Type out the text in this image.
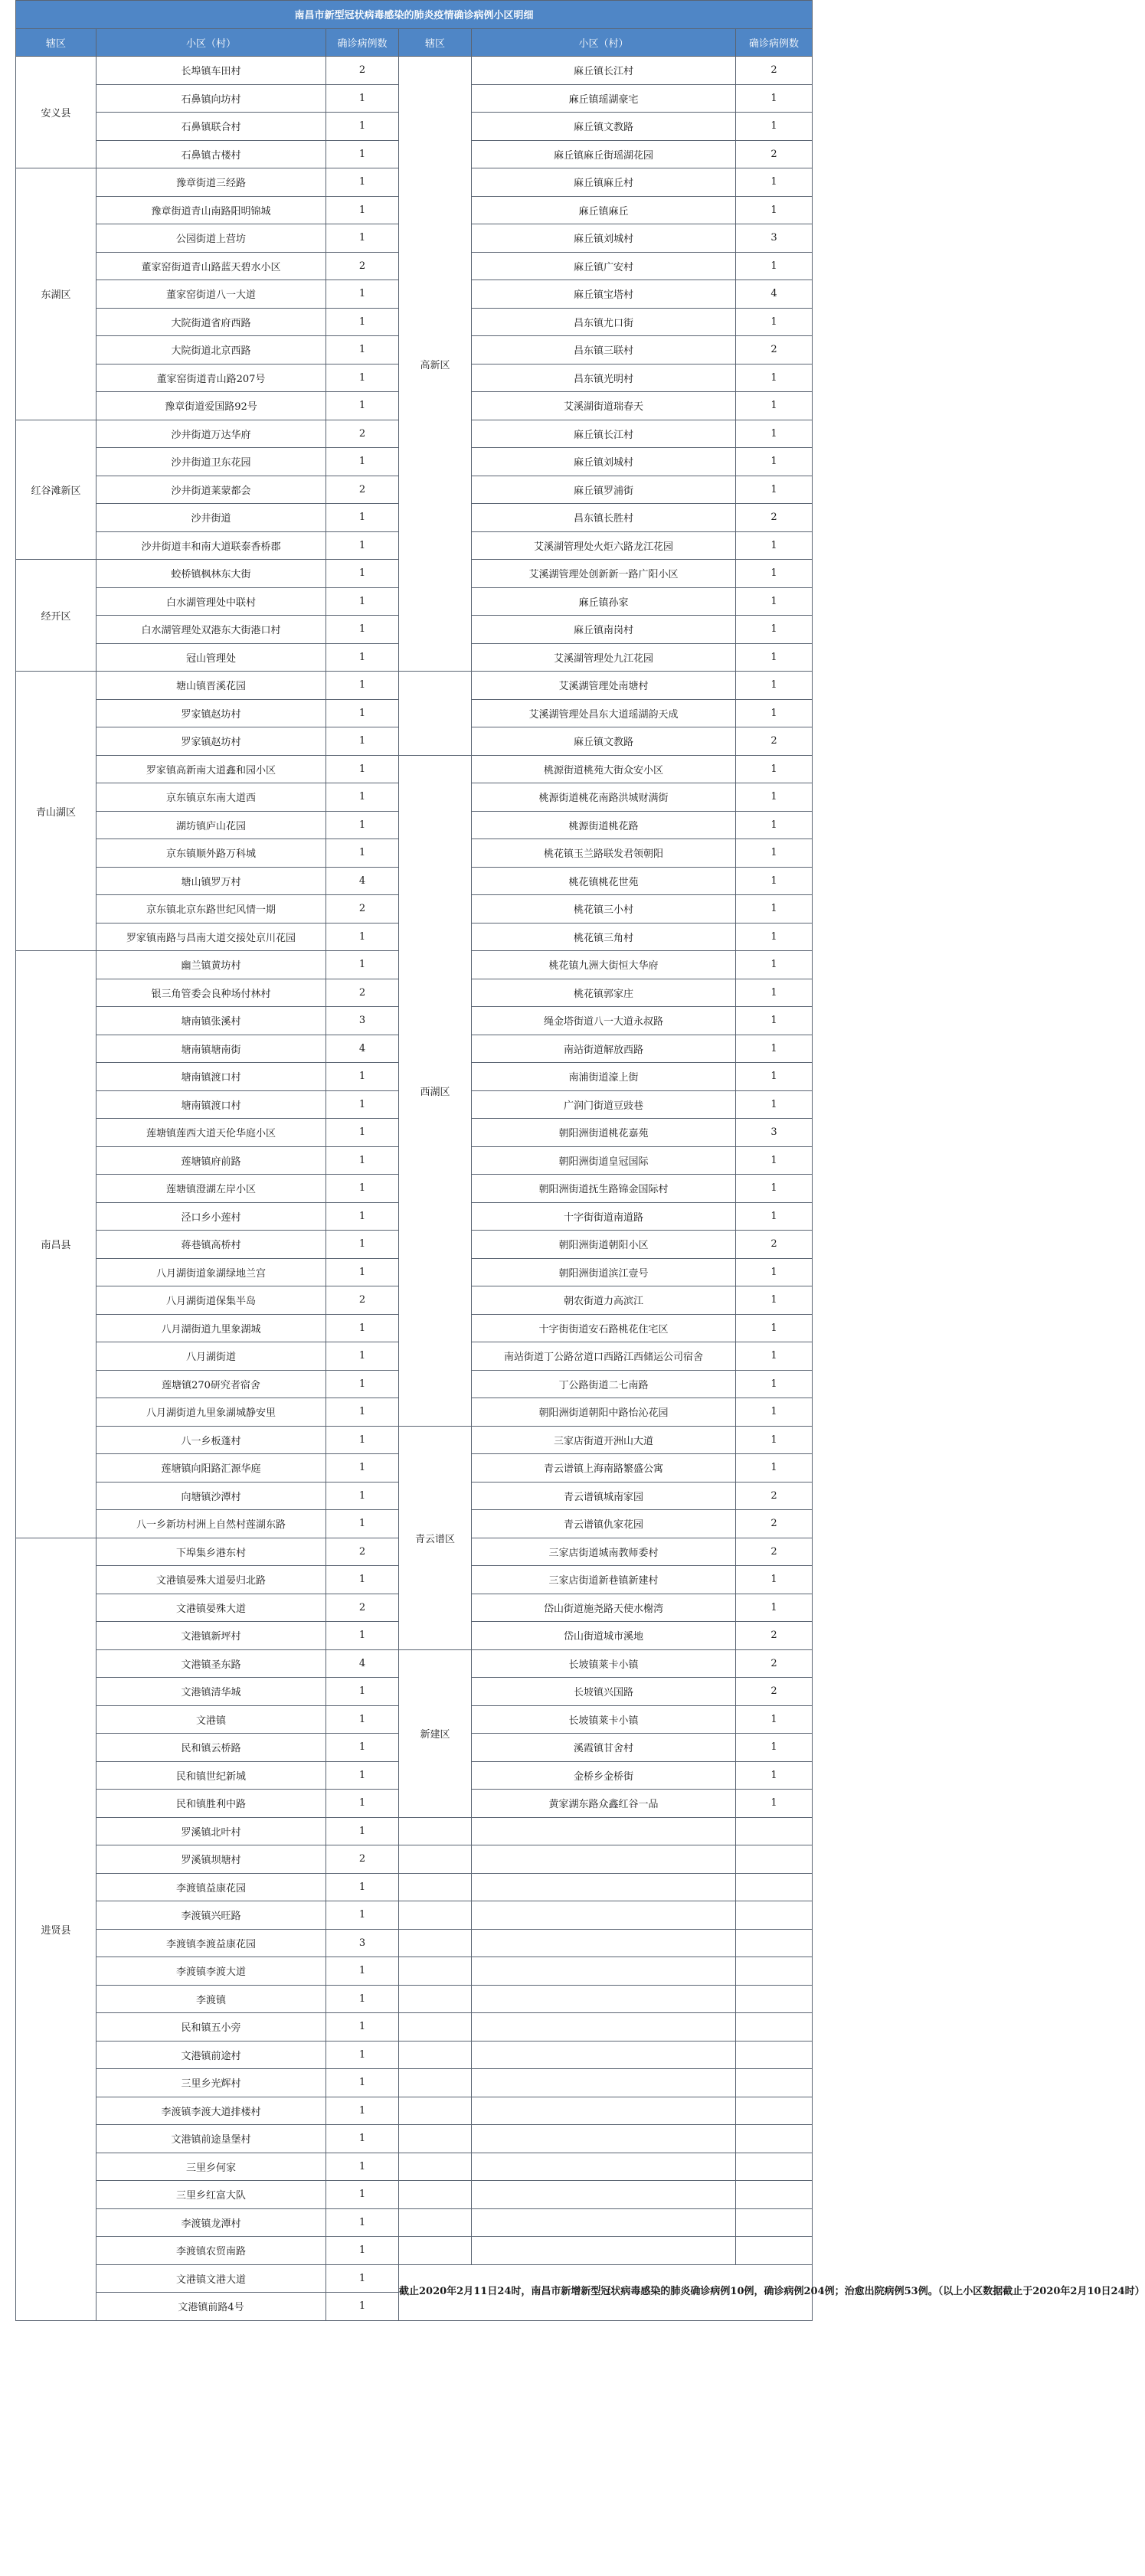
南昌市新型冠状病毒感染的肺炎疫情确诊病例小区明细					
辖区	小区（村）	确诊病例数	辖区	小区（村）	确诊病例数
安义县	长埠镇车田村	2	高新区	麻丘镇长江村	2
	石鼻镇向坊村	1		麻丘镇瑶湖豪宅	1
	石鼻镇联合村	1		麻丘镇文教路	1
	石鼻镇古楼村	1		麻丘镇麻丘街瑶湖花园	2
东湖区	豫章街道三经路	1		麻丘镇麻丘村	1
	豫章街道青山南路阳明锦城	1		麻丘镇麻丘	1
	公园街道上营坊	1		麻丘镇刘城村	3
	董家窑街道青山路蓝天碧水小区	2		麻丘镇广安村	1
	董家窑街道八一大道	1		麻丘镇宝塔村	4
	大院街道省府西路	1		昌东镇尤口街	1
	大院街道北京西路	1		昌东镇三联村	2
	董家窑街道青山路207号	1		昌东镇光明村	1
	豫章街道爱国路92号	1		艾溪湖街道瑞春天	1
红谷滩新区	沙井街道万达华府	2		麻丘镇长江村	1
	沙井街道卫东花园	1		麻丘镇刘城村	1
	沙井街道莱蒙都会	2		麻丘镇罗浦街	1
	沙井街道	1		昌东镇长胜村	2
	沙井街道丰和南大道联泰香桥郡	1		艾溪湖管理处火炬六路龙江花园	1
经开区	蛟桥镇枫林东大街	1		艾溪湖管理处创新新一路广阳小区	1
	白水湖管理处中联村	1		麻丘镇孙家	1
	白水湖管理处双港东大街港口村	1		麻丘镇南岗村	1
	冠山管理处	1		艾溪湖管理处九江花园	1
青山湖区	塘山镇晋溪花园	1		艾溪湖管理处南塘村	1
	罗家镇赵坊村	1		艾溪湖管理处昌东大道瑶湖韵天成	1
	罗家镇赵坊村	1		麻丘镇文教路	2
	罗家镇高新南大道鑫和园小区	1	西湖区	桃源街道桃苑大街众安小区	1
	京东镇京东南大道西	1		桃源街道桃花南路洪城财满街	1
	湖坊镇庐山花园	1		桃源街道桃花路	1
	京东镇顺外路万科城	1		桃花镇玉兰路联发君领朝阳	1
	塘山镇罗万村	4		桃花镇桃花世苑	1
	京东镇北京东路世纪风情一期	2		桃花镇三小村	1
	罗家镇南路与昌南大道交接处京川花园	1		桃花镇三角村	1
南昌县	幽兰镇黄坊村	1		桃花镇九洲大街恒大华府	1
	银三角管委会良种场付林村	2		桃花镇郭家庄	1
	塘南镇张溪村	3		绳金塔街道八一大道永叔路	1
	塘南镇塘南街	4		南站街道解放西路	1
	塘南镇渡口村	1		南浦街道濠上街	1
	塘南镇渡口村	1		广润门街道豆豉巷	1
	莲塘镇莲西大道天伦华庭小区	1		朝阳洲街道桃花嘉苑	3
	莲塘镇府前路	1		朝阳洲街道皇冠国际	1
	莲塘镇澄湖左岸小区	1		朝阳洲街道抚生路锦金国际村	1
	泾口乡小莲村	1		十字街街道南道路	1
	蒋巷镇高桥村	1		朝阳洲街道朝阳小区	2
	八月湖街道象湖绿地兰宫	1		朝阳洲街道滨江壹号	1
	八月湖街道保集半岛	2		朝农街道力高滨江	1
	八月湖街道九里象湖城	1		十字街街道安石路桃花住宅区	1
	八月湖街道	1		南站街道丁公路岔道口西路江西储运公司宿舍	1
	莲塘镇270研究者宿舍	1		丁公路街道二七南路	1
	八月湖街道九里象湖城静安里	1		朝阳洲街道朝阳中路怡沁花园	1
	八一乡板蓬村	1	青云谱区	三家店街道开洲山大道	1
	莲塘镇向阳路汇源华庭	1		青云谱镇上海南路繁盛公寓	1
	向塘镇沙潭村	1		青云谱镇城南家园	2
	八一乡新坊村洲上自然村莲湖东路	1		青云谱镇仇家花园	2
进贤县	下埠集乡港东村	2		三家店街道城南教师委村	2
	文港镇晏殊大道晏归北路	1		三家店街道新巷镇新建村	1
	文港镇晏殊大道	2		岱山街道施尧路天使水榭湾	1
	文港镇新坪村	1		岱山街道城市溪地	2
	文港镇圣东路	4	新建区	长坡镇莱卡小镇	2
	文港镇清华城	1		长坡镇兴国路	2
	文港镇	1		长坡镇莱卡小镇	1
	民和镇云桥路	1		溪霞镇甘舍村	1
	民和镇世纪新城	1		金桥乡金桥街	1
	民和镇胜利中路	1		黄家湖东路众鑫红谷一品	1
	罗溪镇北叶村	1			
	罗溪镇坝塘村	2			
	李渡镇益康花园	1			
	李渡镇兴旺路	1			
	李渡镇李渡益康花园	3			
	李渡镇李渡大道	1			
	李渡镇	1			
	民和镇五小旁	1			
	文港镇前途村	1			
	三里乡光辉村	1			
	李渡镇李渡大道排楼村	1			
	文港镇前途垦堡村	1			
	三里乡何家	1			
	三里乡红富大队	1			
	李渡镇龙潭村	1			
	李渡镇农贸南路	1			
	文港镇文港大道	1	截止2020年2月11日24时，南昌市新增新型冠状病毒感染的肺炎确诊病例10例，确诊病例204例；治愈出院病例53例。（以上小区数据截止于2020年2月10日24时）		
	文港镇前路4号	1			
